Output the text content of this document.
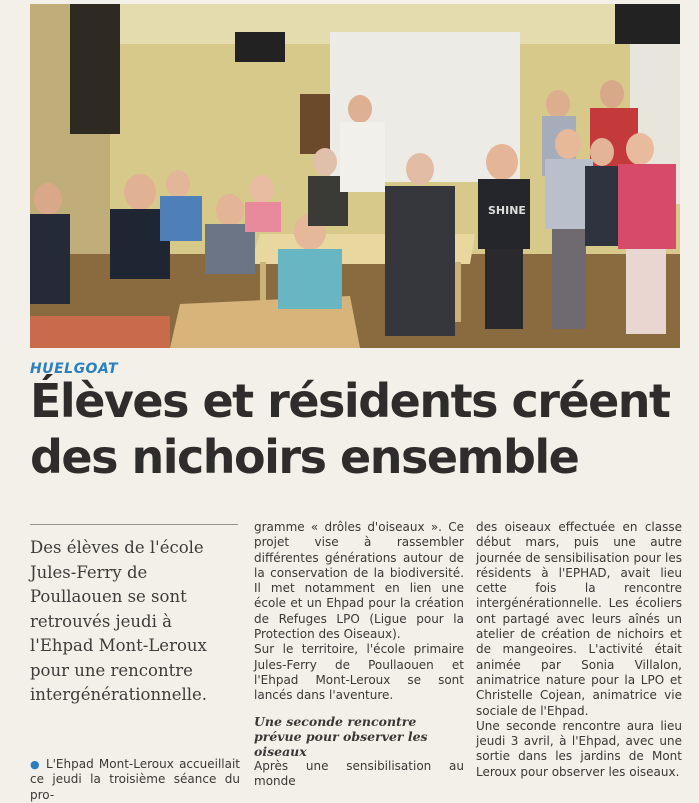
SHINE
HUELGOAT
Élèves et résidents créent
des nichoirs ensemble

Des élèves de l'école Jules-Ferry de Poullaouen se sont retrouvés jeudi à l'Ehpad Mont-Leroux pour une rencontre intergénérationnelle.

● L'Ehpad Mont-Leroux accueillait ce jeudi la troisième séance du pro-

gramme « drôles d'oiseaux ». Ce projet vise à rassembler différentes générations autour de la conservation de la biodiversité. Il met notamment en lien une école et un Ehpad pour la création de Refuges LPO (Ligue pour la Protection des Oiseaux).

Sur le territoire, l'école primaire Jules-Ferry de Poullaouen et l'Ehpad Mont-Leroux se sont lancés dans l'aventure.

Une seconde rencontre prévue pour observer les oiseaux

Après une sensibilisation au monde

des oiseaux effectuée en classe début mars, puis une autre journée de sensibilisation pour les résidents à l'EPHAD, avait lieu cette fois la rencontre intergénérationnelle. Les écoliers ont partagé avec leurs aînés un atelier de création de nichoirs et de mangeoires. L'activité était animée par Sonia Villalon, animatrice nature pour la LPO et Christelle Cojean, animatrice vie sociale de l'Ehpad.

Une seconde rencontre aura lieu jeudi 3 avril, à l'Ehpad, avec une sortie dans les jardins de Mont Leroux pour observer les oiseaux.
